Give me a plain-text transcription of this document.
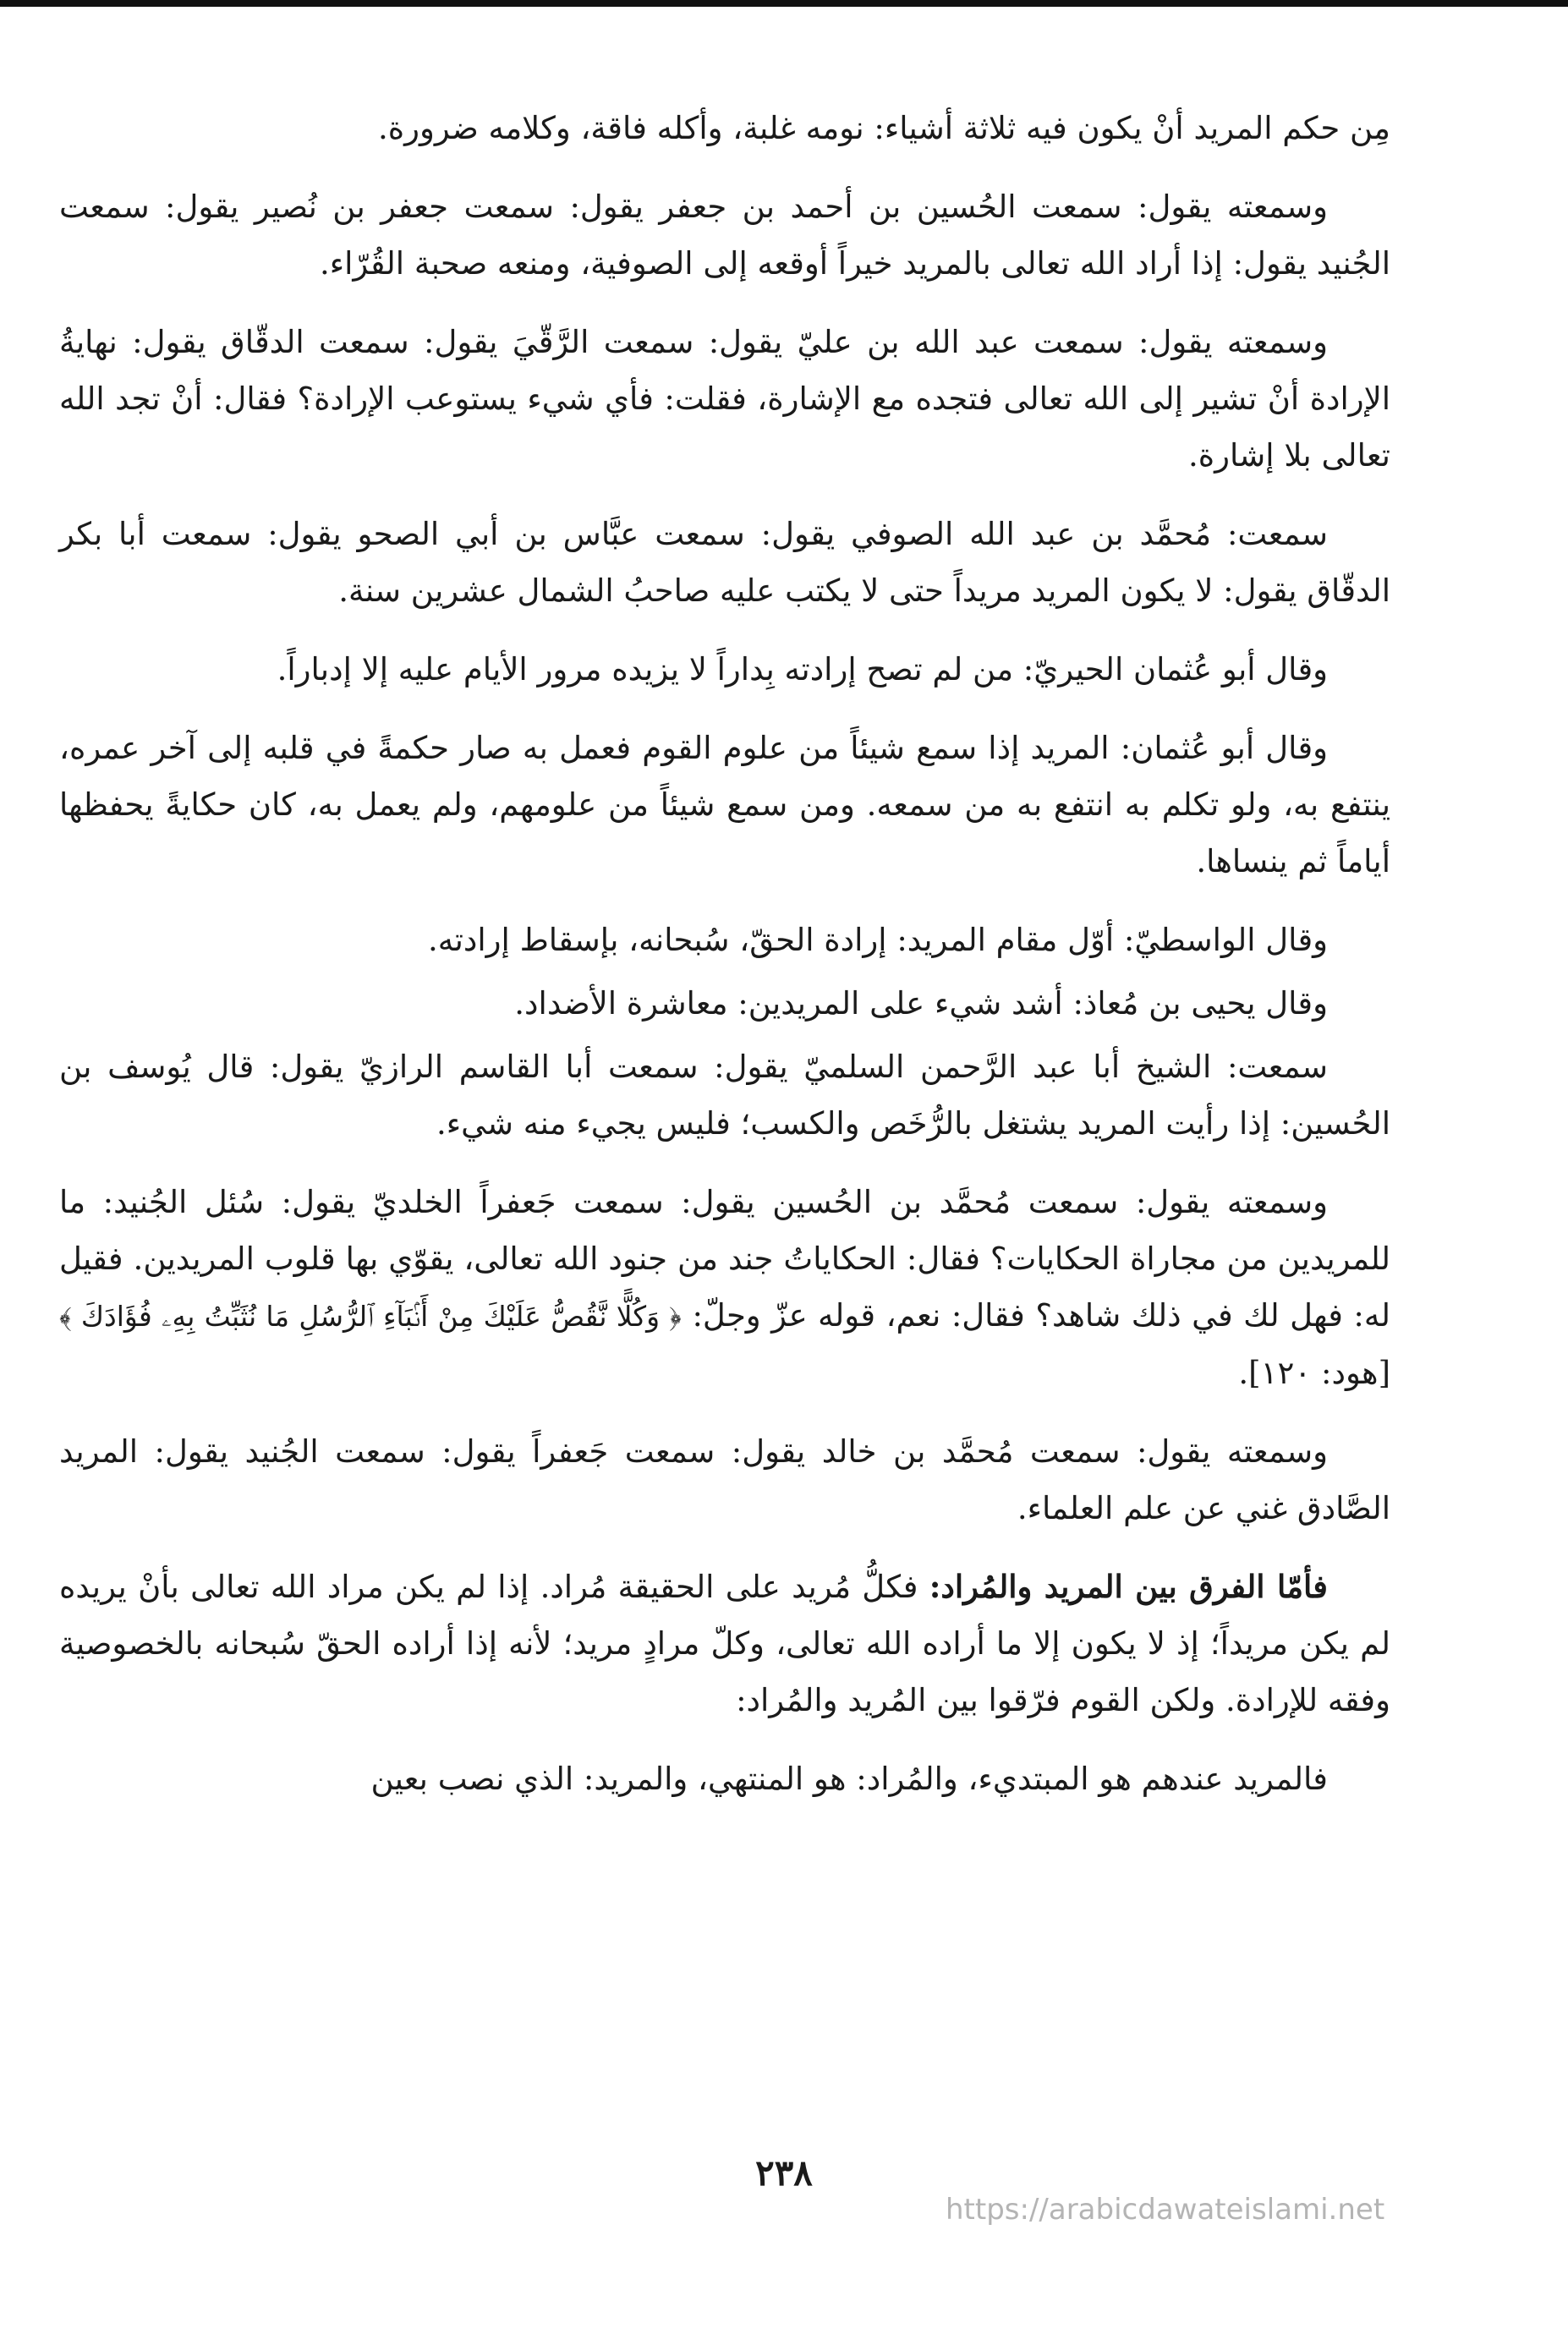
مِن حكم المريد أنْ يكون فيه ثلاثة أشياء: نومه غلبة، وأكله فاقة، وكلامه ضرورة.

وسمعته يقول: سمعت الحُسين بن أحمد بن جعفر يقول: سمعت جعفر بن نُصير يقول: سمعت الجُنيد يقول: إذا أراد الله تعالى بالمريد خيراً أوقعه إلى الصوفية، ومنعه صحبة القُرّاء.

وسمعته يقول: سمعت عبد الله بن عليّ يقول: سمعت الرَّقّيَ يقول: سمعت الدقّاق يقول: نهايةُ الإرادة أنْ تشير إلى الله تعالى فتجده مع الإشارة، فقلت: فأي شيء يستوعب الإرادة؟ فقال: أنْ تجد الله تعالى بلا إشارة.

سمعت: مُحمَّد بن عبد الله الصوفي يقول: سمعت عبَّاس بن أبي الصحو يقول: سمعت أبا بكر الدقّاق يقول: لا يكون المريد مريداً حتى لا يكتب عليه صاحبُ الشمال عشرين سنة.

وقال أبو عُثمان الحيريّ: من لم تصح إرادته بِداراً لا يزيده مرور الأيام عليه إلا إدباراً.

وقال أبو عُثمان: المريد إذا سمع شيئاً من علوم القوم فعمل به صار حكمةً في قلبه إلى آخر عمره، ينتفع به، ولو تكلم به انتفع به من سمعه. ومن سمع شيئاً من علومهم، ولم يعمل به، كان حكايةً يحفظها أياماً ثم ينساها.

وقال الواسطيّ: أوّل مقام المريد: إرادة الحقّ، سُبحانه، بإسقاط إرادته.

وقال يحيى بن مُعاذ: أشد شيء على المريدين: معاشرة الأضداد.

سمعت: الشيخ أبا عبد الرَّحمن السلميّ يقول: سمعت أبا القاسم الرازيّ يقول: قال يُوسف بن الحُسين: إذا رأيت المريد يشتغل بالرُّخَص والكسب؛ فليس يجيء منه شيء.

وسمعته يقول: سمعت مُحمَّد بن الحُسين يقول: سمعت جَعفراً الخلديّ يقول: سُئل الجُنيد: ما للمريدين من مجاراة الحكايات؟ فقال: الحكاياتُ جند من جنود الله تعالى، يقوّي بها قلوب المريدين. فقيل له: فهل لك في ذلك شاهد؟ فقال: نعم، قوله عزّ وجلّ: ﴿ وَكُلًّا نَّقُصُّ عَلَيْكَ مِنْ أَنۢبَآءِ ٱلرُّسُلِ مَا نُثَبِّتُ بِهِۦ فُؤَادَكَ ﴾ [هود: ١٢٠].

وسمعته يقول: سمعت مُحمَّد بن خالد يقول: سمعت جَعفراً يقول: سمعت الجُنيد يقول: المريد الصَّادق غني عن علم العلماء.

فأمّا الفرق بين المريد والمُراد: فكلُّ مُريد على الحقيقة مُراد. إذا لم يكن مراد الله تعالى بأنْ يريده لم يكن مريداً؛ إذ لا يكون إلا ما أراده الله تعالى، وكلّ مرادٍ مريد؛ لأنه إذا أراده الحقّ سُبحانه بالخصوصية وفقه للإرادة. ولكن القوم فرّقوا بين المُريد والمُراد:

فالمريد عندهم هو المبتديء، والمُراد: هو المنتهي، والمريد: الذي نصب بعين

٢٣٨
https://arabicdawateislami.net
